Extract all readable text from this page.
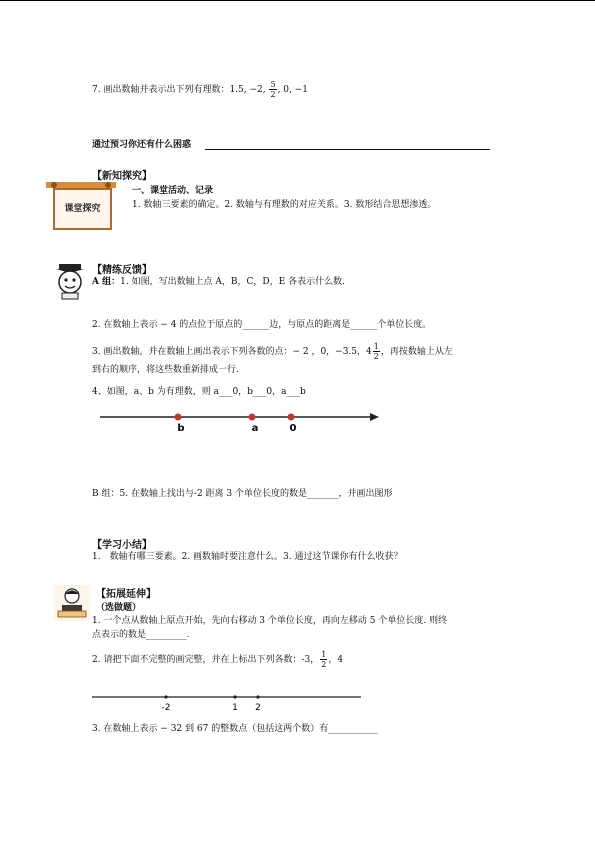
7. 画出数轴并表示出下列有理数：1.5, −2, $\frac{5}{2}$ , 0, −1
通过预习你还有什么困惑
【新知探究】
课堂探究
一、课堂活动、记录
1. 数轴三要素的确定。2. 数轴与有理数的对应关系。3. 数形结合思想渗透。
【精练反馈】
A 组：1. 如图，写出数轴上点 A，B，C，D，E 各表示什么数．
2. 在数轴上表示 − 4 的点位于原点的______边，与原点的距离是______个单位长度。
3. 画出数轴，并在数轴上画出表示下列各数的点：− 2 ，0，−3.5，$4 \frac{1}{2}$ ，再按数轴上从左
到右的顺序，将这些数重新排成一行.
4、如图，a、b 为有理数，则 a___0，b___0，a___b
b	a	0
B 组：5. 在数轴上找出与-2 距离 3 个单位长度的数是_______，并画出图形
【学习小结】
1.　数轴有哪三要素。2. 画数轴时要注意什么。3. 通过这节课你有什么收获？
【拓展延伸】
（选做题）
1. 一个点从数轴上原点开始，先向右移动 3 个单位长度，再向左移动 5 个单位长度. 则终
点表示的数是_________.
2. 请把下面不完整的画完整，并在上标出下列各数：-3， $\frac{1}{2}$ ，4
-2	1 2
3. 在数轴上表示 − 32 到 67 的整数点（包括这两个数）有___________
